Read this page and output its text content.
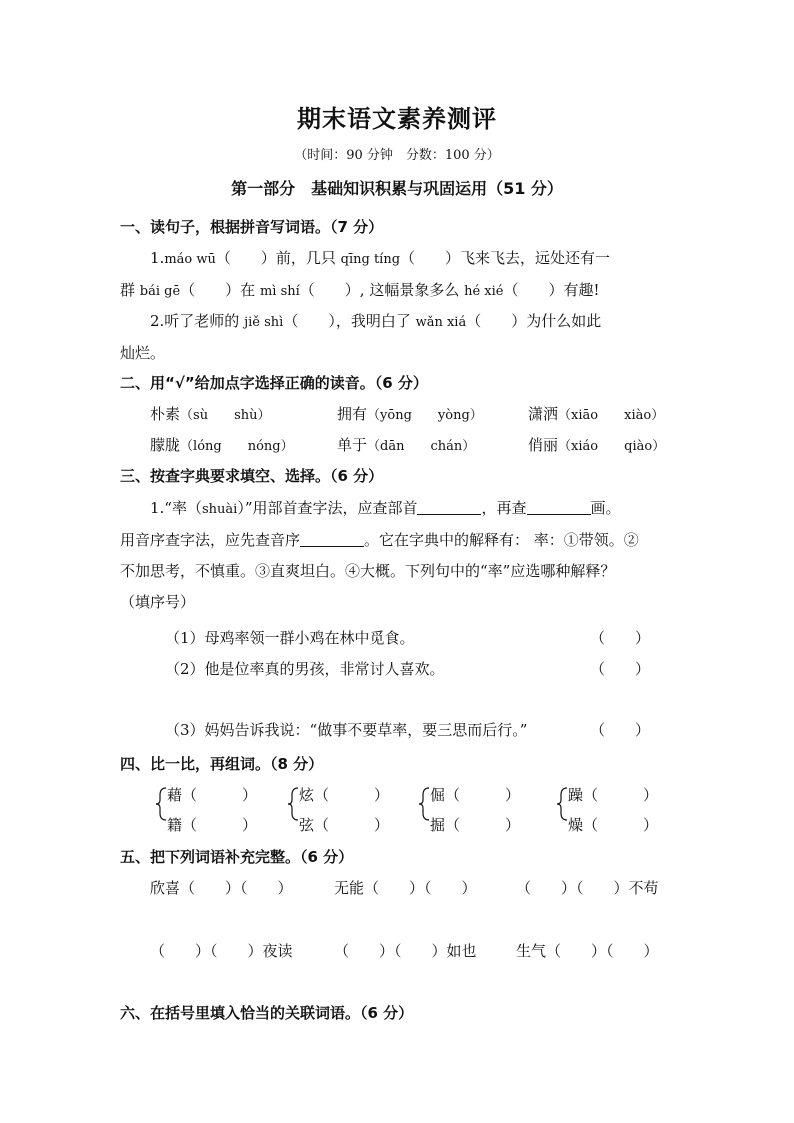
期末语文素养测评
（时间：90 分钟　分数：100 分）
第一部分　基础知识积累与巩固运用（51 分）
一、读句子，根据拼音写词语。（7 分）
1.máo wū（　　）前，几只 qīng tíng（　　）飞来飞去，远处还有一
群 bái gē（　　）在 mì shí（　　）, 这幅景象多么 hé xié（　　）有趣!
2.听了老师的 jiě shì（　　），我明白了 wǎn xiá（　　）为什么如此
灿烂。
二、用“√”给加点字选择正确的读音。（6 分）
朴素（sù　　 shù）	拥有（yōng　　 yòng）	潇洒（xiāo　　 xiào）
朦胧（lóng　　 nóng）	单于（dān　　 chán）	俏丽（xiáo　　 qiào）
三、按查字典要求填空、选择。（6 分）
1.“率（shuài）”用部首查字法，应查部首	，再查	画。
用音序查字法，应先查音序	。它在字典中的解释有： 率：①带领。②
不加思考，不慎重。③直爽坦白。④大概。下列句中的“率”应选哪种解释？
（填序号）
（1）母鸡率领一群小鸡在林中觅食。	（　　）
（2）他是位率真的男孩，非常讨人喜欢。	（　　）
（3）妈妈告诉我说：“做事不要草率，要三思而后行。”	（　　）
四、比一比，再组词。（8 分）
藉（　　　）
籍（　　　）
炫（　　　）
弦（　　　）
倔（　　　）
掘（　　　）
躁（　　　）
燥（　　　）
五、把下列词语补充完整。（6 分）
欣喜（　　）（　　）	无能（　　）（　　）	（　　）（　　）不苟
（　　）（　　）夜读	（　　）（　　）如也	生气（　　）（　　）
六、在括号里填入恰当的关联词语。（6 分）
